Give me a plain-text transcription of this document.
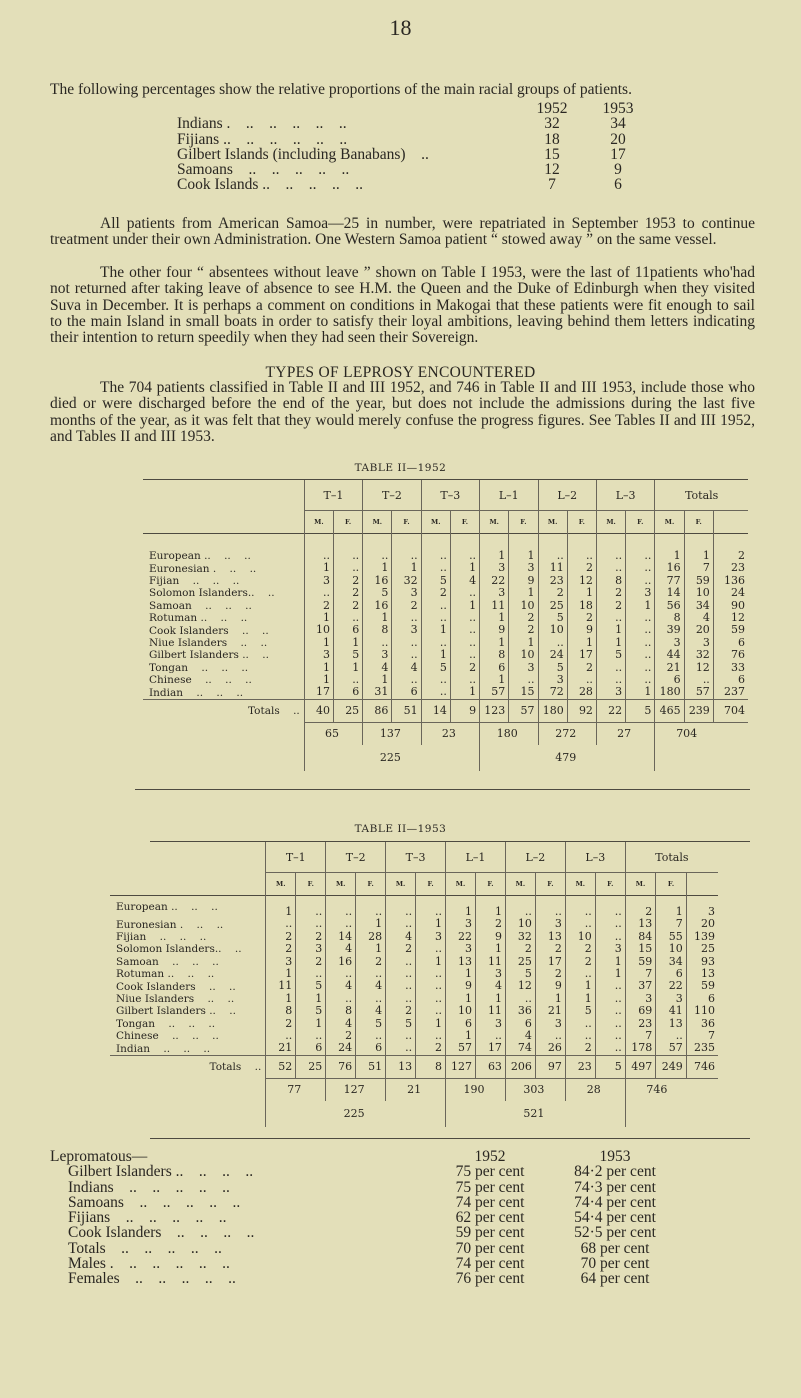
18
The following percentages show the relative proportions of the main racial groups of patients.
1952 1953
Indians .    ..    ..    ..    ..    ..	32	34
Fijians ..    ..    ..    ..    ..    ..	18	20
Gilbert Islands (including Banabans)    ..	15	17
Samoans    ..    ..    ..    ..    ..	12	9
Cook Islands ..    ..    ..    ..    ..	7	6
All patients from American Samoa—25 in number, were repatriated in September 1953 to continue treatment under their own Administration. One Western Samoa patient “ stowed away ” on the same vessel.
The other four “ absentees without leave ” shown on Table I 1953, were the last of 11patients who'had not returned after taking leave of absence to see H.M. the Queen and the Duke of Edinburgh when they visited Suva in December. It is perhaps a comment on conditions in Makogai that these patients were fit enough to sail to the main Island in small boats in order to satisfy their loyal ambitions, leaving behind them letters indicating their intention to return speedily when they had seen their Sovereign.
TYPES OF LEPROSY ENCOUNTERED
The 704 patients classified in Table II and III 1952, and 746 in Table II and III 1953, include those who died or were discharged before the end of the year, but does not include the admissions during the last five months of the year, as it was felt that they would merely confuse the progress figures. See Tables II and III 1952, and Tables II and III 1953.
TABLE II—1952
	T–1		T–2		T–3		L–1		L–2		L–3		Totals		
	M.	F.	M.	F.	M.	F.	M.	F.	M.	F.	M.	F.	M.	F.	

European ..    ..    ..	..	..	..	..	..	..	1	1	..	..	..	..	1	1	2
Euronesian .    ..    ..	1	..	1	1	..	1	3	3	11	2	..	..	16	7	23
Fijian    ..    ..    ..	3	2	16	32	5	4	22	9	23	12	8	..	77	59	136
Solomon Islanders..    ..	..	2	5	3	2	..	3	1	2	1	2	3	14	10	24
Samoan    ..    ..    ..	2	2	16	2	..	1	11	10	25	18	2	1	56	34	90
Rotuman ..    ..    ..	1	..	1	..	..	..	1	2	5	2	..	..	8	4	12
Cook Islanders    ..    ..	10	6	8	3	1	..	9	2	10	9	1	..	39	20	59
Niue Islanders    ..    ..	1	1	..	..	..	..	1	1	..	1	1	..	3	3	6
Gilbert Islanders ..    ..	3	5	3	..	1	..	8	10	24	17	5	..	44	32	76
Tongan    ..    ..    ..	1	1	4	4	5	2	6	3	5	2	..	..	21	12	33
Chinese    ..    ..    ..	1	..	1	..	..	..	1	..	3	..	..	..	6	..	6
Indian    ..    ..    ..	17	6	31	6	..	1	57	15	72	28	3	1	180	57	237
Totals    ..	40	25	86	51	14	9	123	57	180	92	22	5	465	239	704
	65		137		23		180		272		27		704		
	225						479								
TABLE II—1953
	T–1		T–2		T–3		L–1		L–2		L–3		Totals		
	M.	F.	M.	F.	M.	F.	M.	F.	M.	F.	M.	F.	M.	F.	
European ..    ..    ..	1	..	..	..	..	..	1	1	..	..	..	..	2	1	3
Euronesian .    ..    ..	..	..	..	1	..	1	3	2	10	3	..	..	13	7	20
Fijian    ..    ..    ..	2	2	14	28	4	3	22	9	32	13	10	..	84	55	139
Solomon Islanders..    ..	2	3	4	1	2	..	3	1	2	2	2	3	15	10	25
Samoan    ..    ..    ..	3	2	16	2	..	1	13	11	25	17	2	1	59	34	93
Rotuman ..    ..    ..	1	..	..	..	..	..	1	3	5	2	..	1	7	6	13
Cook Islanders    ..    ..	11	5	4	4	..	..	9	4	12	9	1	..	37	22	59
Niue Islanders    ..    ..	1	1	..	..	..	..	1	1	..	1	1	..	3	3	6
Gilbert Islanders ..    ..	8	5	8	4	2	..	10	11	36	21	5	..	69	41	110
Tongan    ..    ..    ..	2	1	4	5	5	1	6	3	6	3	..	..	23	13	36
Chinese    ..    ..    ..	..	..	2	..	..	..	1	..	4	..	..	..	7	..	7
Indian    ..    ..    ..	21	6	24	6	..	2	57	17	74	26	2	..	178	57	235
Totals    ..	52	25	76	51	13	8	127	63	206	97	23	5	497	249	746
	77		127		21		190		303		28		746		
	225						521								
Lepromatous—	1952	1953
Gilbert Islanders ..    ..    ..    ..	75 per cent	84·2 per cent
Indians    ..    ..    ..    ..    ..	75 per cent	74·3 per cent
Samoans    ..    ..    ..    ..    ..	74 per cent	74·4 per cent
Fijians    ..    ..    ..    ..    ..	62 per cent	54·4 per cent
Cook Islanders    ..    ..    ..    ..	59 per cent	52·5 per cent
Totals    ..    ..    ..    ..    ..	70 per cent	68 per cent
Males .    ..    ..    ..    ..    ..	74 per cent	70 per cent
Females    ..    ..    ..    ..    ..	76 per cent	64 per cent
